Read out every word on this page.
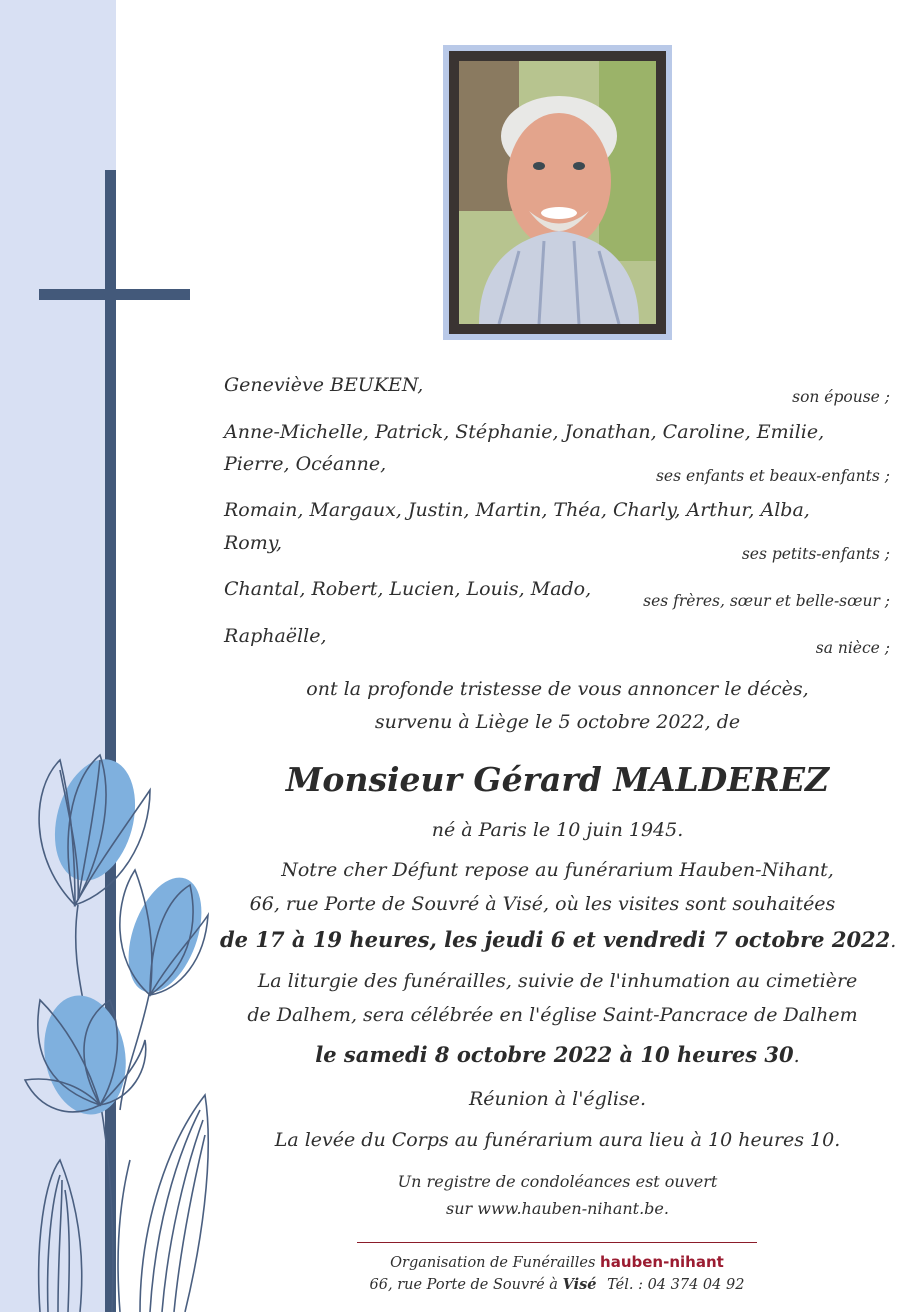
Geneviève BEUKEN,
son épouse ;
Anne-Michelle, Patrick, Stéphanie, Jonathan, Caroline, Emilie,
Pierre, Océanne,
ses enfants et beaux-enfants ;
Romain, Margaux, Justin, Martin, Théa, Charly, Arthur, Alba,
Romy,	ses petits-enfants ;
Chantal, Robert, Lucien, Louis, Mado,
ses frères, sœur et belle-sœur ;
Raphaëlle,
sa nièce ;
ont la profonde tristesse de vous annoncer le décès,
survenu à Liège le 5 octobre 2022, de
Monsieur Gérard MALDEREZ
né à Paris le 10 juin 1945.
Notre cher Défunt repose au funérarium Hauben-Nihant,
66, rue Porte de Souvré à Visé, où les visites sont souhaitées
de 17 à 19 heures, les jeudi 6 et vendredi 7 octobre 2022.
La liturgie des funérailles, suivie de l'inhumation au cimetière
de Dalhem, sera célébrée en l'église Saint-Pancrace de Dalhem
le samedi 8 octobre 2022 à 10 heures 30.
Réunion à l'église.
La levée du Corps au funérarium aura lieu à 10 heures 10.
Un registre de condoléances est ouvert
sur www.hauben-nihant.be.
Organisation de Funérailles hauben-nihant
66, rue Porte de Souvré à Visé Tél. : 04 374 04 92
